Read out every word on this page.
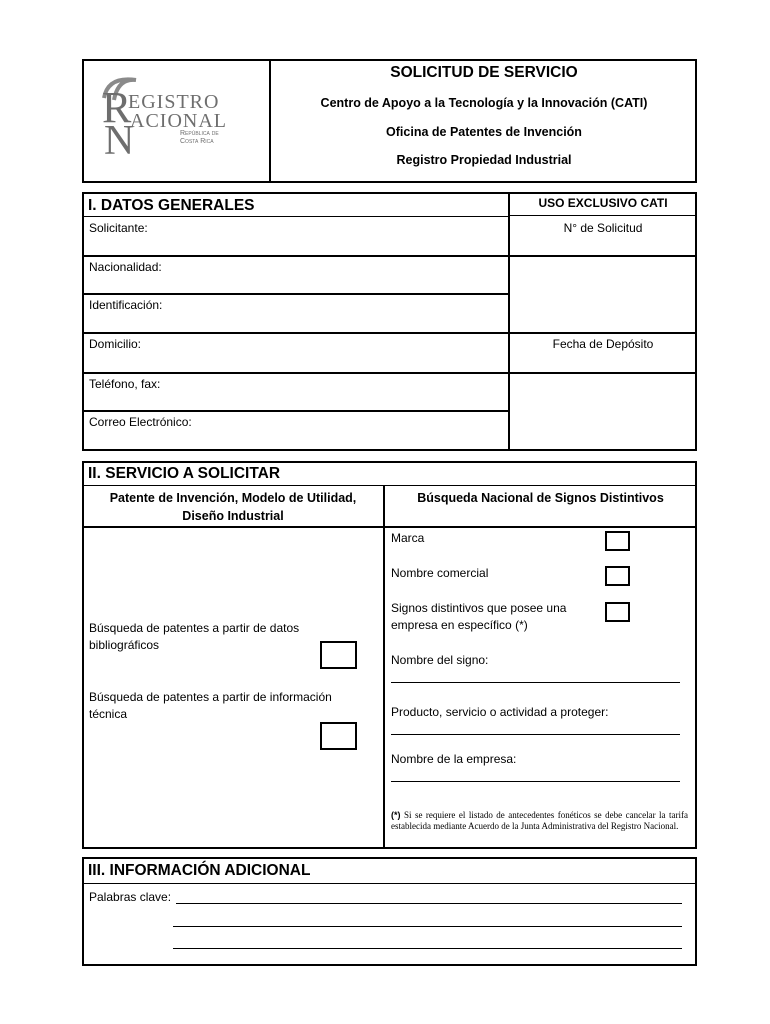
R
N
EGISTRO
ACIONAL
República de
Costa Rica
SOLICITUD DE SERVICIO
Centro de Apoyo a la Tecnología y la Innovación (CATI)
Oficina de Patentes de Invención
Registro Propiedad Industrial
I. DATOS GENERALES	USO EXCLUSIVO CATI
Solicitante:	N° de Solicitud
Nacionalidad:
Identificación:
Domicilio:	Fecha de Depósito
Teléfono, fax:
Correo Electrónico:
II. SERVICIO A SOLICITAR
Patente de Invención, Modelo de Utilidad, Diseño Industrial
Búsqueda Nacional de Signos Distintivos
Búsqueda de patentes a partir de datos bibliográficos
Búsqueda de patentes a partir de información técnica
Marca
Nombre comercial
Signos distintivos que posee una empresa en específico (*)
Nombre del signo:
Producto, servicio o actividad a proteger:
Nombre de la empresa:
(*) Si se requiere el listado de antecedentes fonéticos se debe cancelar la tarifa establecida mediante Acuerdo de la Junta Administrativa del Registro Nacional.
III. INFORMACIÓN ADICIONAL
Palabras clave:
